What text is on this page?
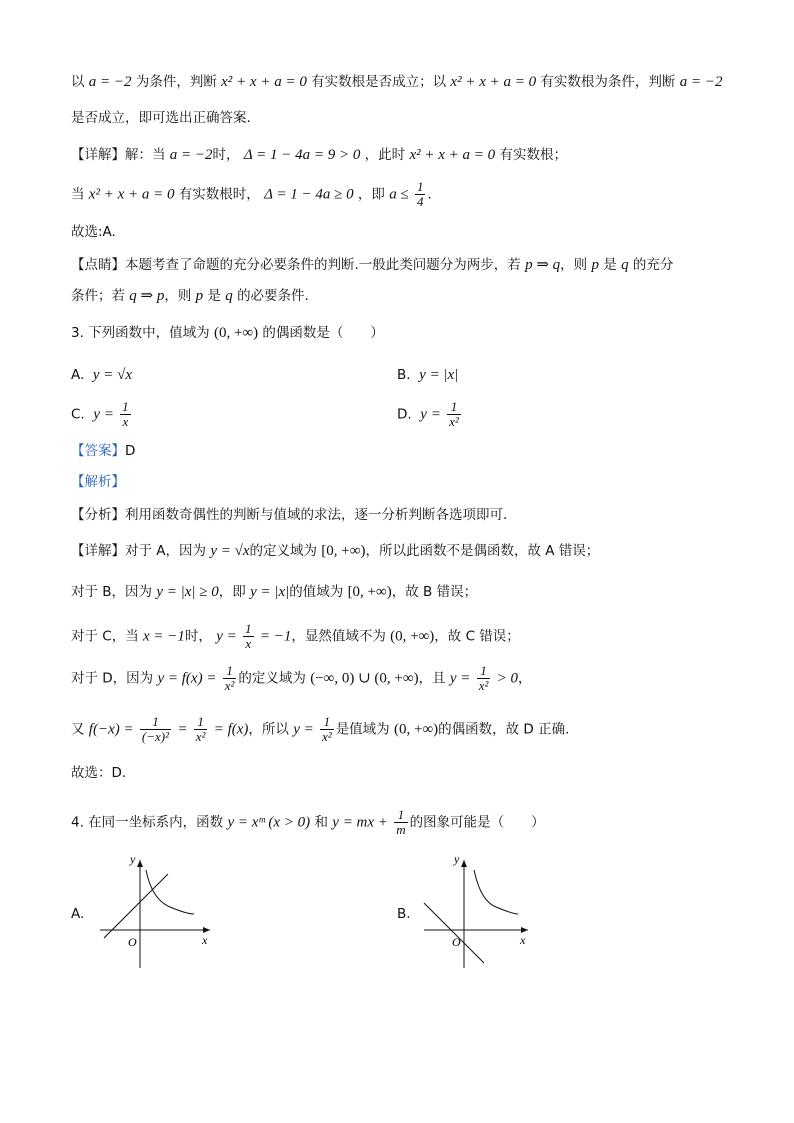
以 a = −2 为条件，判断 x² + x + a = 0 有实数根是否成立；以 x² + x + a = 0 有实数根为条件，判断 a = −2
是否成立，即可选出正确答案.
【详解】解：当 a = −2时， Δ = 1 − 4a = 9 > 0 ，此时 x² + x + a = 0 有实数根；
当 x² + x + a = 0 有实数根时， Δ = 1 − 4a ≥ 0 ，即 $a \le \frac{1}{4}$ .
故选:A.
【点睛】本题考查了命题的充分必要条件的判断.一般此类问题分为两步，若 p ⇒ q，则 p 是 q 的充分
条件；若 q ⇒ p，则 p 是 q 的必要条件.
3. 下列函数中，值域为 (0, +∞) 的偶函数是（　　）
A. y = √x	B. y = |x|
C. $y = \frac{1}{x}$	D. $y = \frac{1}{\text{x²}}$
【答案】D
【解析】
【分析】利用函数奇偶性的判断与值域的求法，逐一分析判断各选项即可.
【详解】对于 A，因为 y = √x的定义域为 [0, +∞)，所以此函数不是偶函数，故 A 错误；
对于 B，因为 y = |x| ≥ 0，即 y = |x|的值域为 [0, +∞)，故 B 错误；
对于 C，当 x = −1时， $y = \frac{1}{x} = -1$，显然值域不为 (0, +∞)，故 C 错误；
对于 D，因为 $y = f(x) = \frac{1}{\text{x²}}$ 的定义域为 (−∞, 0) ∪ (0, +∞)，且 $y = \frac{1}{\text{x²}} > 0$，
又 $f(-x) = \frac{1}{\text{(−x)²}} = \frac{1}{\text{x²}} = f(x)$，所以 $y = \frac{1}{\text{x²}}$ 是值域为 (0, +∞)的偶函数，故 D 正确.
故选：D.
4. 在同一坐标系内，函数 y = xᵐ (x > 0) 和 y = mx + $\frac{1}{m}$ 的图象可能是（　　）
A.
y
x
O
B.
y
x
O
